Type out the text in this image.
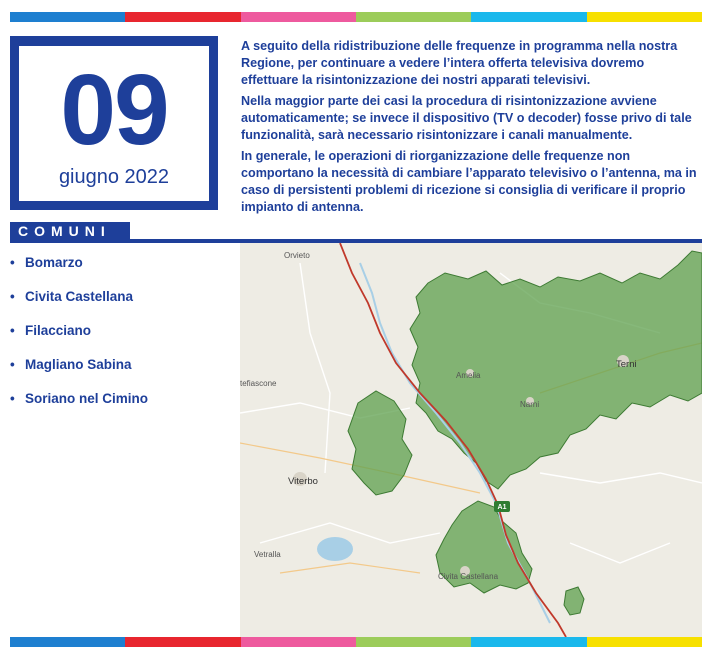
09
giugno 2022

A seguito della ridistribuzione delle frequenze in programma nella nostra Regione, per continuare a vedere l’intera offerta televisiva dovremo effettuare la risintonizzazione dei nostri apparati televisivi.

Nella maggior parte dei casi la procedura di risintonizzazione avviene automaticamente; se invece il dispositivo (TV o decoder) fosse privo di tale funzionalità, sarà necessario risintonizzare i canali manualmente.

In generale, le operazioni di riorganizzazione delle frequenze non comportano la necessità di cambiare l’apparato televisivo o l’antenna, ma in caso di persistenti problemi di ricezione si consiglia di verificare il proprio impianto di antenna.

COMUNI
• Bomarzo
• Civita Castellana
• Filacciano
• Magliano Sabina
• Soriano nel Cimino
A1
Orvieto
tefiascone
Amelia
Terni
Narni
Viterbo
Vetralla
Civita Castellana
